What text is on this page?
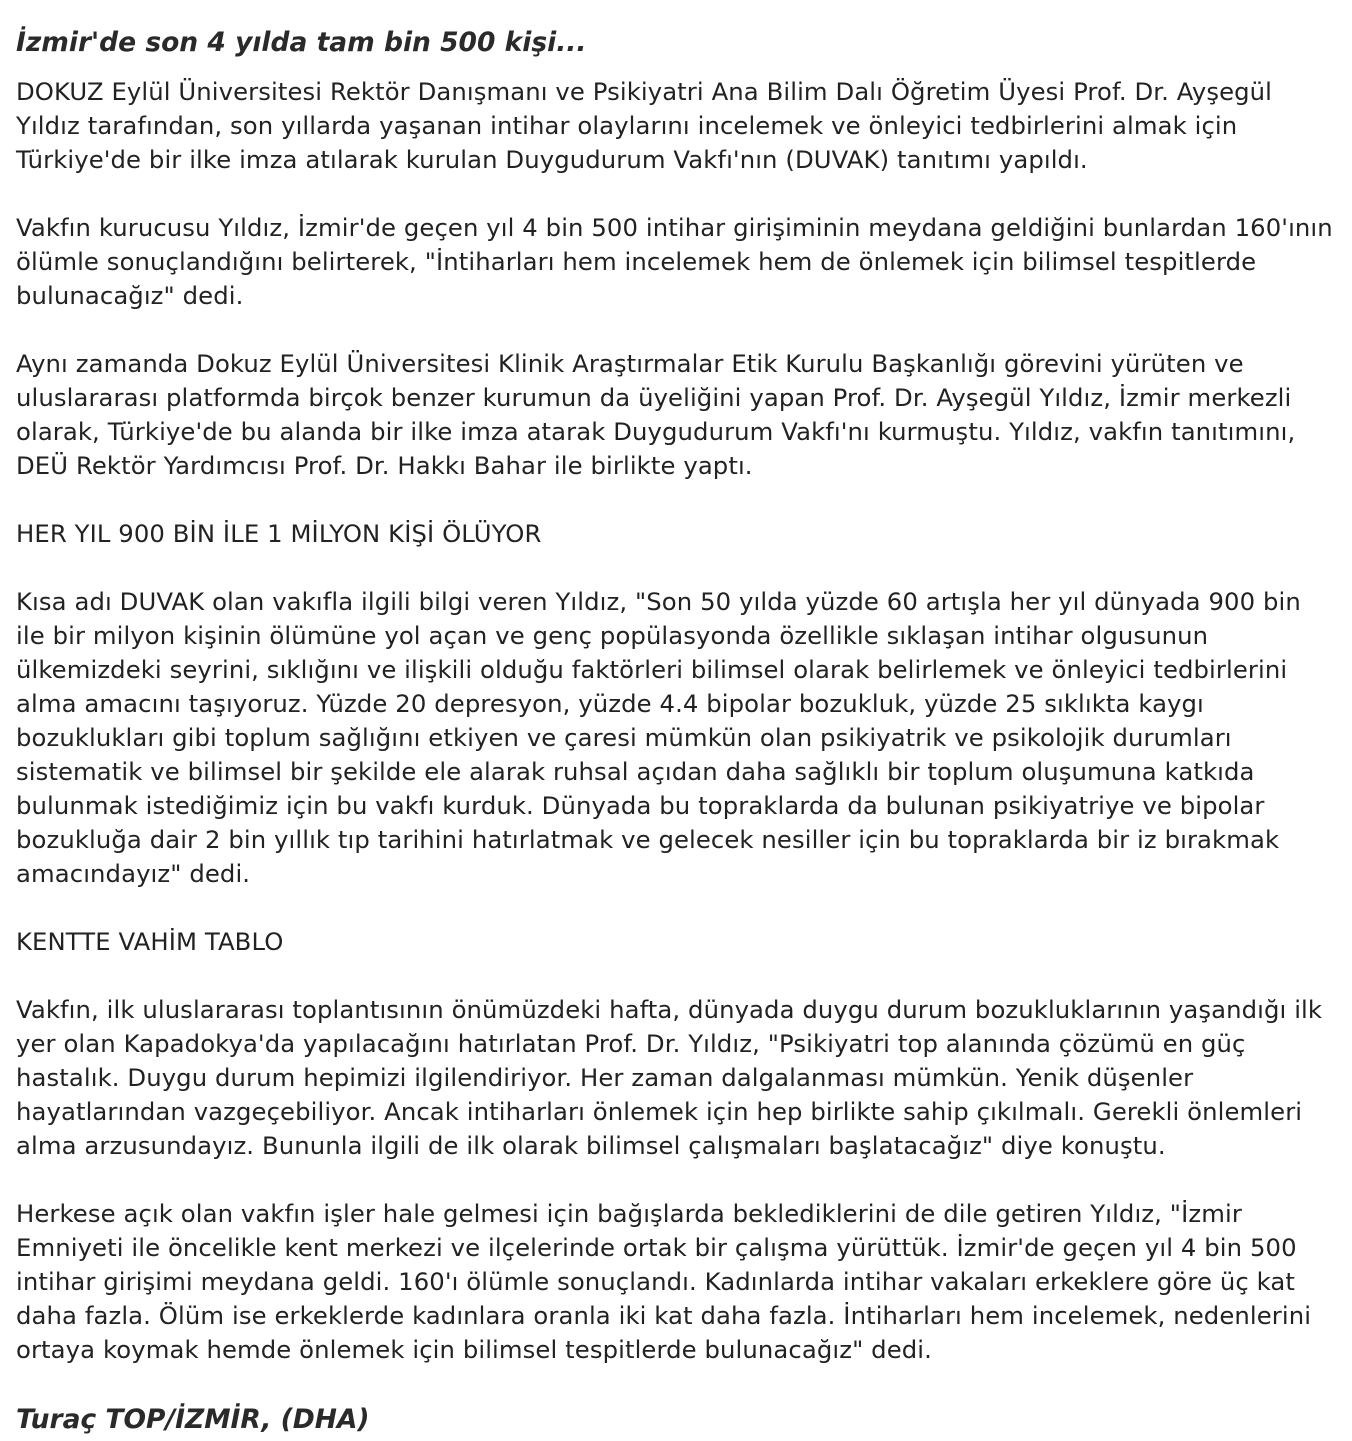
İzmir'de son 4 yılda tam bin 500 kişi...

DOKUZ Eylül Üniversitesi Rektör Danışmanı ve Psikiyatri Ana Bilim Dalı Öğretim Üyesi Prof. Dr. Ayşegül Yıldız tarafından, son yıllarda yaşanan intihar olaylarını incelemek ve önleyici tedbirlerini almak için Türkiye'de bir ilke imza atılarak kurulan Duygudurum Vakfı'nın (DUVAK) tanıtımı yapıldı.

Vakfın kurucusu Yıldız, İzmir'de geçen yıl 4 bin 500 intihar girişiminin meydana geldiğini bunlardan 160'ının ölümle sonuçlandığını belirterek, "İntiharları hem incelemek hem de önlemek için bilimsel tespitlerde bulunacağız" dedi.

Aynı zamanda Dokuz Eylül Üniversitesi Klinik Araştırmalar Etik Kurulu Başkanlığı görevini yürüten ve uluslararası platformda birçok benzer kurumun da üyeliğini yapan Prof. Dr. Ayşegül Yıldız, İzmir merkezli olarak, Türkiye'de bu alanda bir ilke imza atarak Duygudurum Vakfı'nı kurmuştu. Yıldız, vakfın tanıtımını, DEÜ Rektör Yardımcısı Prof. Dr. Hakkı Bahar ile birlikte yaptı.

HER YIL 900 BİN İLE 1 MİLYON KİŞİ ÖLÜYOR

Kısa adı DUVAK olan vakıfla ilgili bilgi veren Yıldız, "Son 50 yılda yüzde 60 artışla her yıl dünyada 900 bin ile bir milyon kişinin ölümüne yol açan ve genç popülasyonda özellikle sıklaşan intihar olgusunun ülkemizdeki seyrini, sıklığını ve ilişkili olduğu faktörleri bilimsel olarak belirlemek ve önleyici tedbirlerini alma amacını taşıyoruz. Yüzde 20 depresyon, yüzde 4.4 bipolar bozukluk, yüzde 25 sıklıkta kaygı bozuklukları gibi toplum sağlığını etkiyen ve çaresi mümkün olan psikiyatrik ve psikolojik durumları sistematik ve bilimsel bir şekilde ele alarak ruhsal açıdan daha sağlıklı bir toplum oluşumuna katkıda bulunmak istediğimiz için bu vakfı kurduk. Dünyada bu topraklarda da bulunan psikiyatriye ve bipolar bozukluğa dair 2 bin yıllık tıp tarihini hatırlatmak ve gelecek nesiller için bu topraklarda bir iz bırakmak amacındayız" dedi.

KENTTE VAHİM TABLO

Vakfın, ilk uluslararası toplantısının önümüzdeki hafta, dünyada duygu durum bozukluklarının yaşandığı ilk yer olan Kapadokya'da yapılacağını hatırlatan Prof. Dr. Yıldız, "Psikiyatri top alanında çözümü en güç hastalık. Duygu durum hepimizi ilgilendiriyor. Her zaman dalgalanması mümkün. Yenik düşenler hayatlarından vazgeçebiliyor. Ancak intiharları önlemek için hep birlikte sahip çıkılmalı. Gerekli önlemleri alma arzusundayız. Bununla ilgili de ilk olarak bilimsel çalışmaları başlatacağız" diye konuştu.

Herkese açık olan vakfın işler hale gelmesi için bağışlarda beklediklerini de dile getiren Yıldız, "İzmir Emniyeti ile öncelikle kent merkezi ve ilçelerinde ortak bir çalışma yürüttük. İzmir'de geçen yıl 4 bin 500 intihar girişimi meydana geldi. 160'ı ölümle sonuçlandı. Kadınlarda intihar vakaları erkeklere göre üç kat daha fazla. Ölüm ise erkeklerde kadınlara oranla iki kat daha fazla. İntiharları hem incelemek, nedenlerini ortaya koymak hemde önlemek için bilimsel tespitlerde bulunacağız" dedi.

Turaç TOP/İZMİR, (DHA)
